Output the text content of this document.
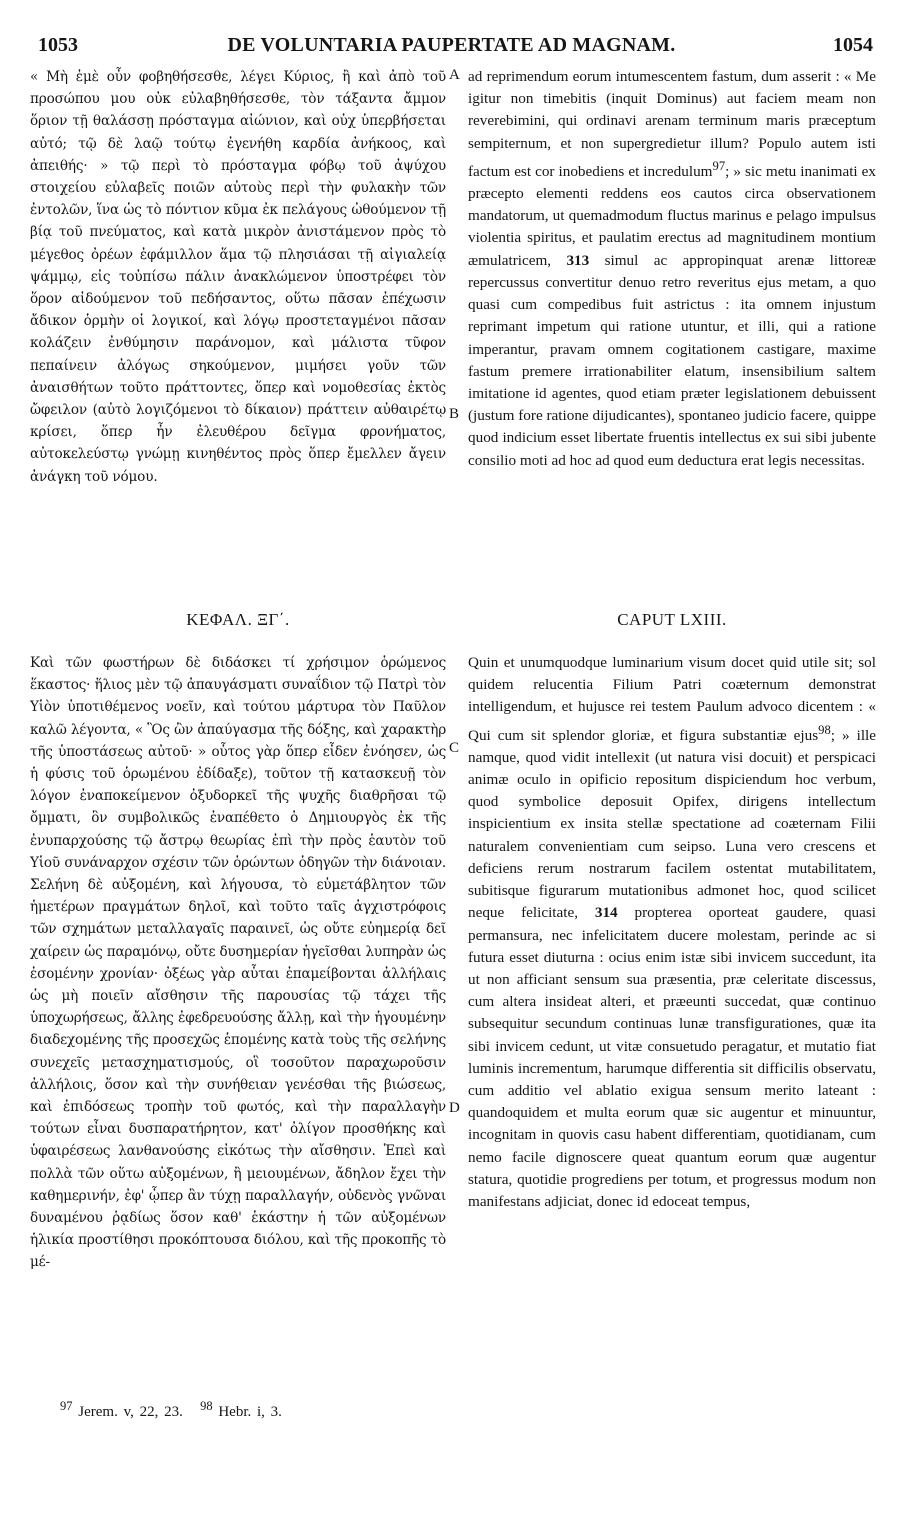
1053	DE VOLUNTARIA PAUPERTATE AD MAGNAM.	1054

« Μὴ ἐμὲ οὖν φοβηθήσεσθε, λέγει Κύριος, ἢ καὶ ἀπὸ τοῦ προσώπου μου οὐκ εὐλαβηθήσεσθε, τὸν τάξαντα ἄμμον ὅριον τῇ θαλάσσῃ πρόσταγμα αἰώνιον, καὶ οὐχ ὑπερβήσεται αὐτό; τῷ δὲ λαῷ τούτῳ ἐγενήθη καρδία ἀνήκοος, καὶ ἀπειθής· » τῷ περὶ τὸ πρόσταγμα φόβῳ τοῦ ἀψύχου στοιχείου εὐλαβεῖς ποιῶν αὐτοὺς περὶ τὴν φυλακὴν τῶν ἐντολῶν, ἵνα ὡς τὸ πόντιον κῦμα ἐκ πελάγους ὠθούμενον τῇ βίᾳ τοῦ πνεύματος, καὶ κατὰ μικρὸν ἀνιστάμενον πρὸς τὸ μέγεθος ὀρέων ἐφάμιλλον ἅμα τῷ πλησιάσαι τῇ αἰγιαλείᾳ ψάμμῳ, εἰς τοὐπίσω πάλιν ἀνακλώμενον ὑποστρέφει τὸν ὅρον αἰδούμενον τοῦ πεδήσαντος, οὕτω πᾶσαν ἐπέχωσιν ἄδικον ὁρμὴν οἱ λογικοί, καὶ λόγῳ προστεταγμένοι πᾶσαν κολάζειν ἐνθύμησιν παράνομον, καὶ μάλιστα τῦφον πεπαίνειν ἀλόγως σηκούμενον, μιμήσει γοῦν τῶν ἀναισθήτων τοῦτο πράττοντες, ὅπερ καὶ νομοθεσίας ἐκτὸς ὤφειλον (αὐτὸ λογιζόμενοι τὸ δίκαιον) πράττειν αὐθαιρέτῳ κρίσει, ὅπερ ἦν ἐλευθέρου δεῖγμα φρονήματος, αὐτοκελεύστῳ γνώμῃ κινηθέντος πρὸς ὅπερ ἔμελλεν ἄγειν ἀνάγκη τοῦ νόμου.

ΚΕΦΑΛ. ΞΓ΄.

Καὶ τῶν φωστήρων δὲ διδάσκει τί χρήσιμον ὁρώμενος ἕκαστος· ἥλιος μὲν τῷ ἀπαυγάσματι συναΐδιον τῷ Πατρὶ τὸν Υἱὸν ὑποτιθέμενος νοεῖν, καὶ τούτου μάρτυρα τὸν Παῦλον καλῶ λέγοντα, « Ὃς ὢν ἀπαύγασμα τῆς δόξης, καὶ χαρακτὴρ τῆς ὑποστάσεως αὐτοῦ· » οὗτος γὰρ ὅπερ εἶδεν ἐνόησεν, ὡς ἡ φύσις τοῦ ὁρωμένου ἐδίδαξε), τοῦτον τῇ κατασκευῇ τὸν λόγον ἐναποκείμενον ὀξυδορκεῖ τῆς ψυχῆς διαθρῆσαι τῷ ὄμματι, ὃν συμβολικῶς ἐναπέθετο ὁ Δημιουργὸς ἐκ τῆς ἐνυπαρχούσης τῷ ἄστρῳ θεωρίας ἐπὶ τὴν πρὸς ἑαυτὸν τοῦ Υἱοῦ συνάναρχον σχέσιν τῶν ὁρώντων ὁδηγῶν τὴν διάνοιαν. Σελήνη δὲ αὐξομένη, καὶ λήγουσα, τὸ εὐμετάβλητον τῶν ἡμετέρων πραγμάτων δηλοῖ, καὶ τοῦτο ταῖς ἀγχιστρόφοις τῶν σχημάτων μεταλλαγαῖς παραινεῖ, ὡς οὔτε εὐημερίᾳ δεῖ χαίρειν ὡς παραμόνῳ, οὔτε δυσημερίαν ἡγεῖσθαι λυπηρὰν ὡς ἐσομένην χρονίαν· ὀξέως γὰρ αὗται ἐπαμείβονται ἀλλήλαις ὡς μὴ ποιεῖν αἴσθησιν τῆς παρουσίας τῷ τάχει τῆς ὑποχωρήσεως, ἄλλης ἐφεδρευούσης ἄλλῃ, καὶ τὴν ἡγουμένην διαδεχομένης τῆς προσεχῶς ἑπομένης κατὰ τοὺς τῆς σελήνης συνεχεῖς μετασχηματισμούς, οἳ τοσοῦτον παραχωροῦσιν ἀλλήλοις, ὅσον καὶ τὴν συνήθειαν γενέσθαι τῆς βιώσεως, καὶ ἐπιδόσεως τροπὴν τοῦ φωτός, καὶ τὴν παραλλαγὴν τούτων εἶναι δυσπαρατήρητον, κατ' ὀλίγον προσθήκης καὶ ὑφαιρέσεως λανθανούσης εἰκότως τὴν αἴσθησιν. Ἐπεὶ καὶ πολλὰ τῶν οὕτω αὐξομένων, ἢ μειουμένων, ἄδηλον ἔχει τὴν καθημερινήν, ἐφ' ᾧπερ ἂν τύχῃ παραλλαγήν, οὐδενὸς γνῶναι δυναμένου ῥᾳδίως ὅσον καθ' ἑκάστην ἡ τῶν αὐξομένων ἡλικία προστίθησι προκόπτουσα διόλου, καὶ τῆς προκοπῆς τὸ μέ-

A
B
C
D

ad reprimendum eorum intumescentem fastum, dum asserit : « Me igitur non timebitis (inquit Dominus) aut faciem meam non reverebimini, qui ordinavi arenam terminum maris præceptum sempiternum, et non supergredietur illum? Populo autem isti factum est cor inobediens et incredulum$^{97}$; » sic metu inanimati ex præcepto elementi reddens eos cautos circa observationem mandatorum, ut quemadmodum fluctus marinus e pelago impulsus violentia spiritus, et paulatim erectus ad magnitudinem montium æmulatricem, 313 simul ac appropinquat arenæ littoreæ repercussus convertitur denuo retro reveritus ejus metam, a quo quasi cum compedibus fuit astrictus : ita omnem injustum reprimant impetum qui ratione utuntur, et illi, qui a ratione imperantur, pravam omnem cogitationem castigare, maxime fastum premere irrationabiliter elatum, insensibilium saltem imitatione id agentes, quod etiam præter legislationem debuissent (justum fore ratione dijudicantes), spontaneo judicio facere, quippe quod indicium esset libertate fruentis intellectus ex sui sibi jubente consilio moti ad hoc ad quod eum deductura erat legis necessitas.

CAPUT LXIII.

Quin et unumquodque luminarium visum docet quid utile sit; sol quidem relucentia Filium Patri coæternum demonstrat intelligendum, et hujusce rei testem Paulum advoco dicentem : « Qui cum sit splendor gloriæ, et figura substantiæ ejus$^{98}$; » ille namque, quod vidit intellexit (ut natura visi docuit) et perspicaci animæ oculo in opificio repositum dispiciendum hoc verbum, quod symbolice deposuit Opifex, dirigens intellectum inspicientium ex insita stellæ spectatione ad coæternam Filii naturalem convenientiam cum seipso. Luna vero crescens et deficiens rerum nostrarum facilem ostentat mutabilitatem, subitisque figurarum mutationibus admonet hoc, quod scilicet neque felicitate, 314 propterea oporteat gaudere, quasi permansura, nec infelicitatem ducere molestam, perinde ac si futura esset diuturna : ocius enim istæ sibi invicem succedunt, ita ut non afficiant sensum sua præsentia, præ celeritate discessus, cum altera insideat alteri, et præeunti succedat, quæ continuo subsequitur secundum continuas lunæ transfigurationes, quæ ita sibi invicem cedunt, ut vitæ consuetudo peragatur, et mutatio fiat luminis incrementum, harumque differentia sit difficilis observatu, cum additio vel ablatio exigua sensum merito lateant : quandoquidem et multa eorum quæ sic augentur et minuuntur, incognitam in quovis casu habent differentiam, quotidianam, cum nemo facile dignoscere queat quantum eorum quæ augentur statura, quotidie progrediens per totum, et progressus modum non manifestans adjiciat, donec id edoceat tempus,

$^{97}$ Jerem. v, 22, 23. $^{98}$ Hebr. i, 3.
